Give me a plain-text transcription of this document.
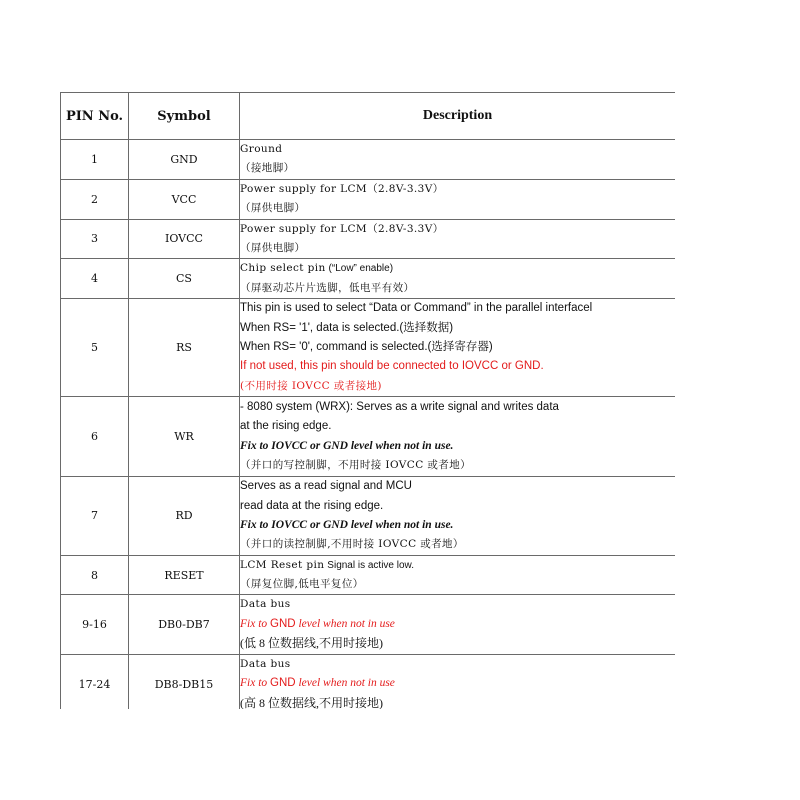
PIN No.	Symbol	Description
1	GND	Ground
（接地脚）

2	VCC	Power supply for LCM（2.8V-3.3V）
（屏供电脚）

3	IOVCC	Power supply for LCM（2.8V-3.3V）
（屏供电脚）

4	CS	Chip select pin (“Low” enable)
（屏驱动芯片片选脚，低电平有效）

5	RS	This pin is used to select “Data or Command” in the parallel interfacel
When RS= '1', data is selected.(选择数据)
When RS= '0', command is selected.(选择寄存器)
If not used, this pin should be connected to IOVCC or GND.
(不用时接 IOVCC 或者接地)

6	WR	- 8080 system (WRX): Serves as a write signal and writes data
at the rising edge.
Fix to IOVCC or GND level when not in use.
（并口的写控制脚，不用时接 IOVCC 或者地）

7	RD	Serves as a read signal and MCU
read data at the rising edge.
Fix to IOVCC or GND level when not in use.
（并口的读控制脚,不用时接 IOVCC 或者地）

8	RESET	LCM Reset pin Signal is active low.
（屏复位脚,低电平复位）

9-16	DB0-DB7	Data bus
Fix to GND level when not in use
(低 8 位数据线,不用时接地)

17-24	DB8-DB15	Data bus
Fix to GND level when not in use
(高 8 位数据线,不用时接地)
